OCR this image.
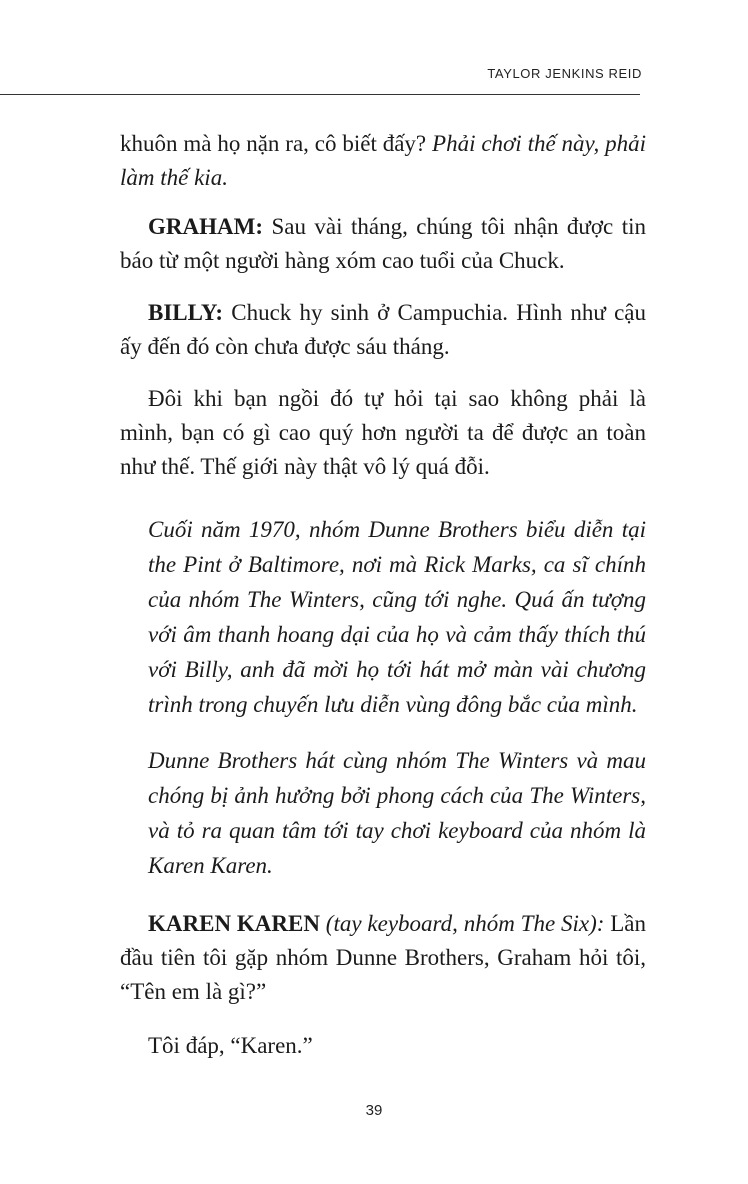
TAYLOR JENKINS REID

khuôn mà họ nặn ra, cô biết đấy? Phải chơi thế này, phải làm thế kia.

GRAHAM: Sau vài tháng, chúng tôi nhận được tin báo từ một người hàng xóm cao tuổi của Chuck.

BILLY: Chuck hy sinh ở Campuchia. Hình như cậu ấy đến đó còn chưa được sáu tháng.

Đôi khi bạn ngồi đó tự hỏi tại sao không phải là mình, bạn có gì cao quý hơn người ta để được an toàn như thế. Thế giới này thật vô lý quá đỗi.

Cuối năm 1970, nhóm Dunne Brothers biểu diễn tại the Pint ở Baltimore, nơi mà Rick Marks, ca sĩ chính của nhóm The Winters, cũng tới nghe. Quá ấn tượng với âm thanh hoang dại của họ và cảm thấy thích thú với Billy, anh đã mời họ tới hát mở màn vài chương trình trong chuyến lưu diễn vùng đông bắc của mình.

Dunne Brothers hát cùng nhóm The Winters và mau chóng bị ảnh hưởng bởi phong cách của The Winters, và tỏ ra quan tâm tới tay chơi keyboard của nhóm là Karen Karen.

KAREN KAREN (tay keyboard, nhóm The Six): Lần đầu tiên tôi gặp nhóm Dunne Brothers, Graham hỏi tôi, “Tên em là gì?”

Tôi đáp, “Karen.”

39
